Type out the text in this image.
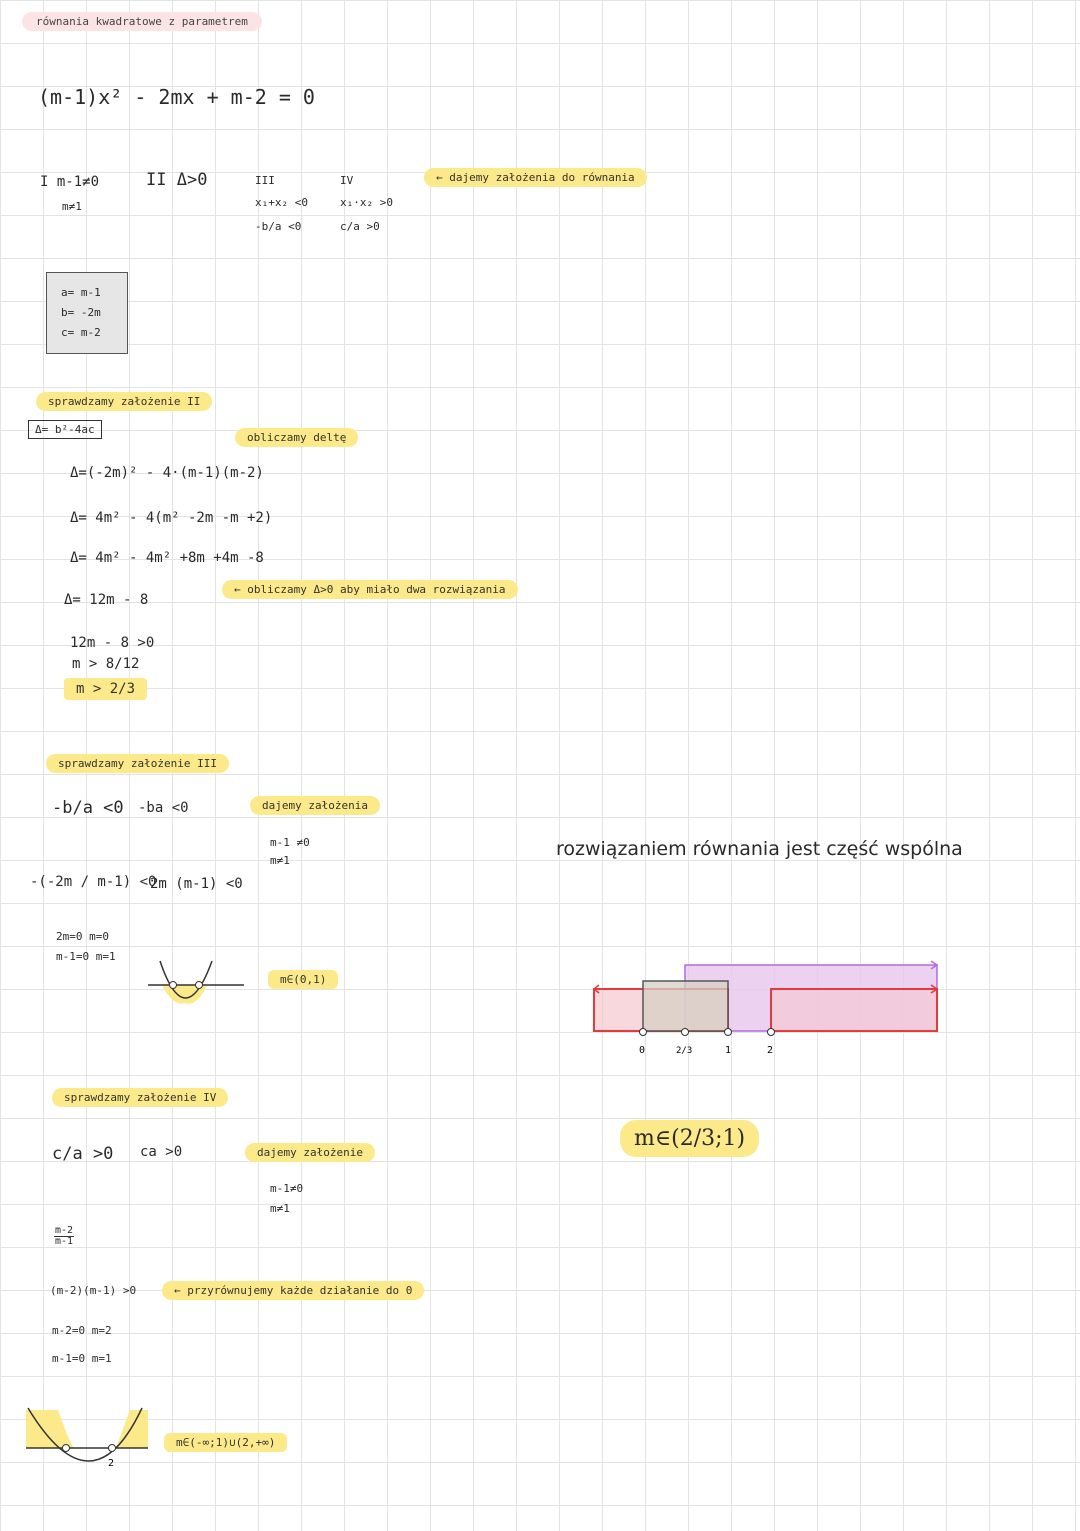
równania kwadratowe z parametrem
(m-1)x² - 2mx + m-2 = 0
I m-1≠0
m≠1
II Δ>0	III
x₁+x₂ <0
-b/a <0
IV
x₁·x₂ >0
c/a >0
← dajemy założenia do równania
a= m-1
b= -2m
c= m-2
sprawdzamy założenie II
Δ= b²-4ac
obliczamy deltę
Δ=(-2m)² - 4·(m-1)(m-2)
Δ= 4m² - 4(m² -2m -m +2)
Δ= 4m² - 4m² +8m +4m -8
Δ= 12m - 8
← obliczamy Δ>0 aby miało dwa rozwiązania
12m - 8 >0
m > 8/12
m > 2/3
sprawdzamy założenie III
-b/a <0 -ba <0	dajemy założenia
m-1 ≠0
m≠1
-(-2m / m-1) <0
2m (m-1) <0
2m=0 m=0
m-1=0 m=1
m∈(0,1)
sprawdzamy założenie IV
c/a >0 ca >0	dajemy założenie
m-1≠0
m≠1
$\frac{m-2}{m-1}$
(m-2)(m-1) >0	← przyrównujemy każde działanie do 0
m-2=0 m=2
m-1=0 m=1
2
m∈(-∞;1)∪(2,+∞)
rozwiązaniem równania jest część wspólna
0	2/3	1	2
m∈(2/3;1)
